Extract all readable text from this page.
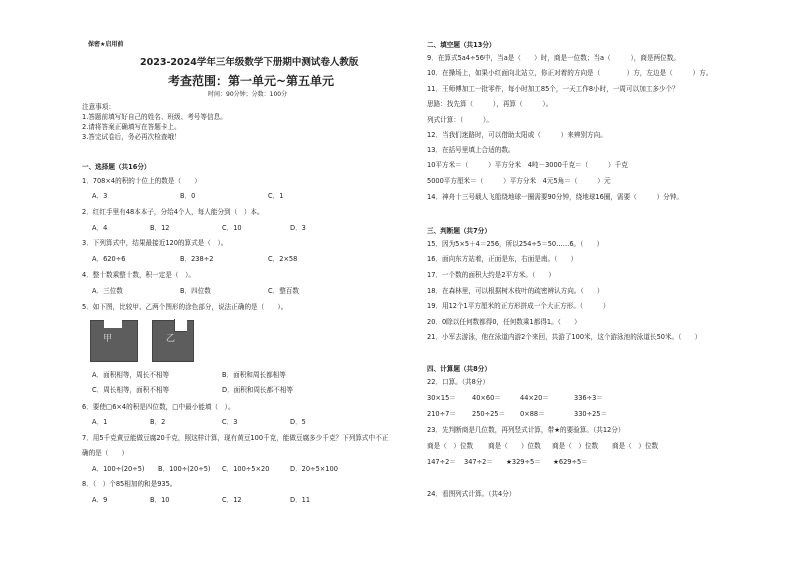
保密★启用前
2023-2024学年三年级数学下册期中测试卷人教版
考查范围：第一单元~第五单元
时间：90分钟；分数：100分
注意事项：
1.答题前填写好自己的姓名、班级、考号等信息。
2.请将答案正确填写在答题卡上。
3.答完试卷后，务必再次检查哦！
一、选择题（共16分）
1．708×4的积的十位上的数是（　　）
A．3	B．0	C．1
2．红红手里有48本本子，分给4个人，每人能分到（　）本。
A．4	B．12	C．10	D．3
3．下列算式中，结果最接近120的算式是（　）。
A．620÷6	B．238÷2	C．2×58
4．整十数乘整十数，积一定是（　）。
A．三位数	B．四位数	C．整百数
5．如下图，比较甲、乙两个图形的涂色部分，说法正确的是（　　）。
甲	乙
A．面积相等，周长不相等	B．面积和周长都相等
C．周长相等，面积不相等	D．面积和周长都不相等
6．要使□6×4的积是四位数，□中最小能填（　）。
A．1	B．2	C．3	D．5
7．用5千克黄豆能做豆腐20千克，照这样计算，现有黄豆100千克，能做豆腐多少千克？下列算式中不正
确的是（　　）
A．100÷(20÷5) B．100÷(20÷5) C．100÷5×20	D．20÷5×100
8．（　）个85相加的和是935。
A．9	B．10	C．12	D．11
二、填空题（共13分）
9．在算式5a4÷56中，当a是（　　）时，商是一位数；当a（　　　），商是两位数。
10．在操场上，如果小红面向北站立，你正对着的方向是（　　　　）方，左边是（　　　）方。
11．王师傅加工一批零件，每小时加工85个，一天工作8小时，一周可以加工多少个？
思路：找先算（　　　），再算（　　　）。
列式计算：（　　　）。
12．当我们迷路时，可以借助太阳或（　　　）来辨别方向。
13．在括号里填上合适的数。
10平方米＝（　　　）平方分米　4吨－3000千克＝（　　　）千克
5000平方厘米＝（　　　）平方分米　4元5角＝（　　　）元
14．神舟十三号载人飞船绕地球一圈需要90分钟，绕地球16圈，需要（　　　）分钟。
三、判断题（共7分）
15．因为5×5＋4＝256，所以254÷5＝50……6。（　　）
16．面向东方站着，正面是东，右面是南。（　　）
17．一个数的面积大约是2平方米。（　　）
18．在森林里，可以根据树木枝叶的疏密辨认方向。（　　）
19．用12个1平方厘米的正方形拼成一个大正方形。（　　　）
20．0除以任何数都得0，任何数乘1都得1。（　　）
21．小军去游泳，他在泳道内游2个来回，共游了100米，这个游泳池的泳道长50米。（　　）
四、计算题（共8分）
22．口算。（共8分）
30×15＝ 40×60＝	44×20＝	336÷3＝
210÷7＝ 250÷25＝ 0×88＝	330÷25＝
23．先判断商是几位数，再列竖式计算，带★的要验算。（共12分）
商是（　）位数 商是（　　）位数 商是（　）位数 商是（　）位数
147÷2＝ 347÷2＝ ★329÷5＝ ★629÷5＝
24．看图列式计算。（共4分）
